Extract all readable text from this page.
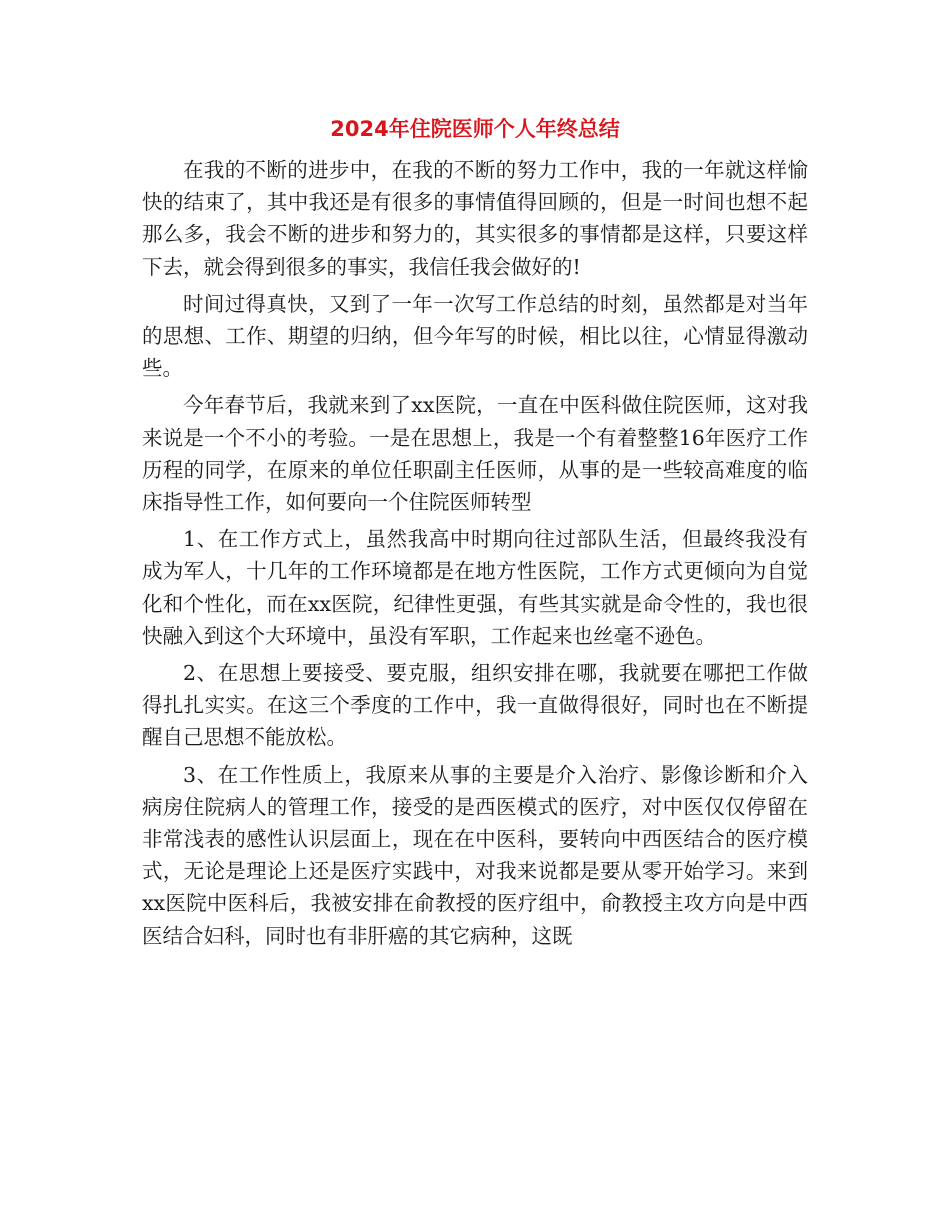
2024年住院医师个人年终总结

在我的不断的进步中，在我的不断的努力工作中，我的一年就这样愉快的结束了，其中我还是有很多的事情值得回顾的，但是一时间也想不起那么多，我会不断的进步和努力的，其实很多的事情都是这样，只要这样下去，就会得到很多的事实，我信任我会做好的!

时间过得真快，又到了一年一次写工作总结的时刻，虽然都是对当年的思想、工作、期望的归纳，但今年写的时候，相比以往，心情显得激动些。

今年春节后，我就来到了xx医院，一直在中医科做住院医师，这对我来说是一个不小的考验。一是在思想上，我是一个有着整整16年医疗工作历程的同学，在原来的单位任职副主任医师，从事的是一些较高难度的临床指导性工作，如何要向一个住院医师转型

1、在工作方式上，虽然我高中时期向往过部队生活，但最终我没有成为军人，十几年的工作环境都是在地方性医院，工作方式更倾向为自觉化和个性化，而在xx医院，纪律性更强，有些其实就是命令性的，我也很快融入到这个大环境中，虽没有军职，工作起来也丝毫不逊色。

2、在思想上要接受、要克服，组织安排在哪，我就要在哪把工作做得扎扎实实。在这三个季度的工作中，我一直做得很好，同时也在不断提醒自己思想不能放松。

3、在工作性质上，我原来从事的主要是介入治疗、影像诊断和介入病房住院病人的管理工作，接受的是西医模式的医疗，对中医仅仅停留在非常浅表的感性认识层面上，现在在中医科，要转向中西医结合的医疗模式，无论是理论上还是医疗实践中，对我来说都是要从零开始学习。来到xx医院中医科后，我被安排在俞教授的医疗组中，俞教授主攻方向是中西医结合妇科，同时也有非肝癌的其它病种，这既
